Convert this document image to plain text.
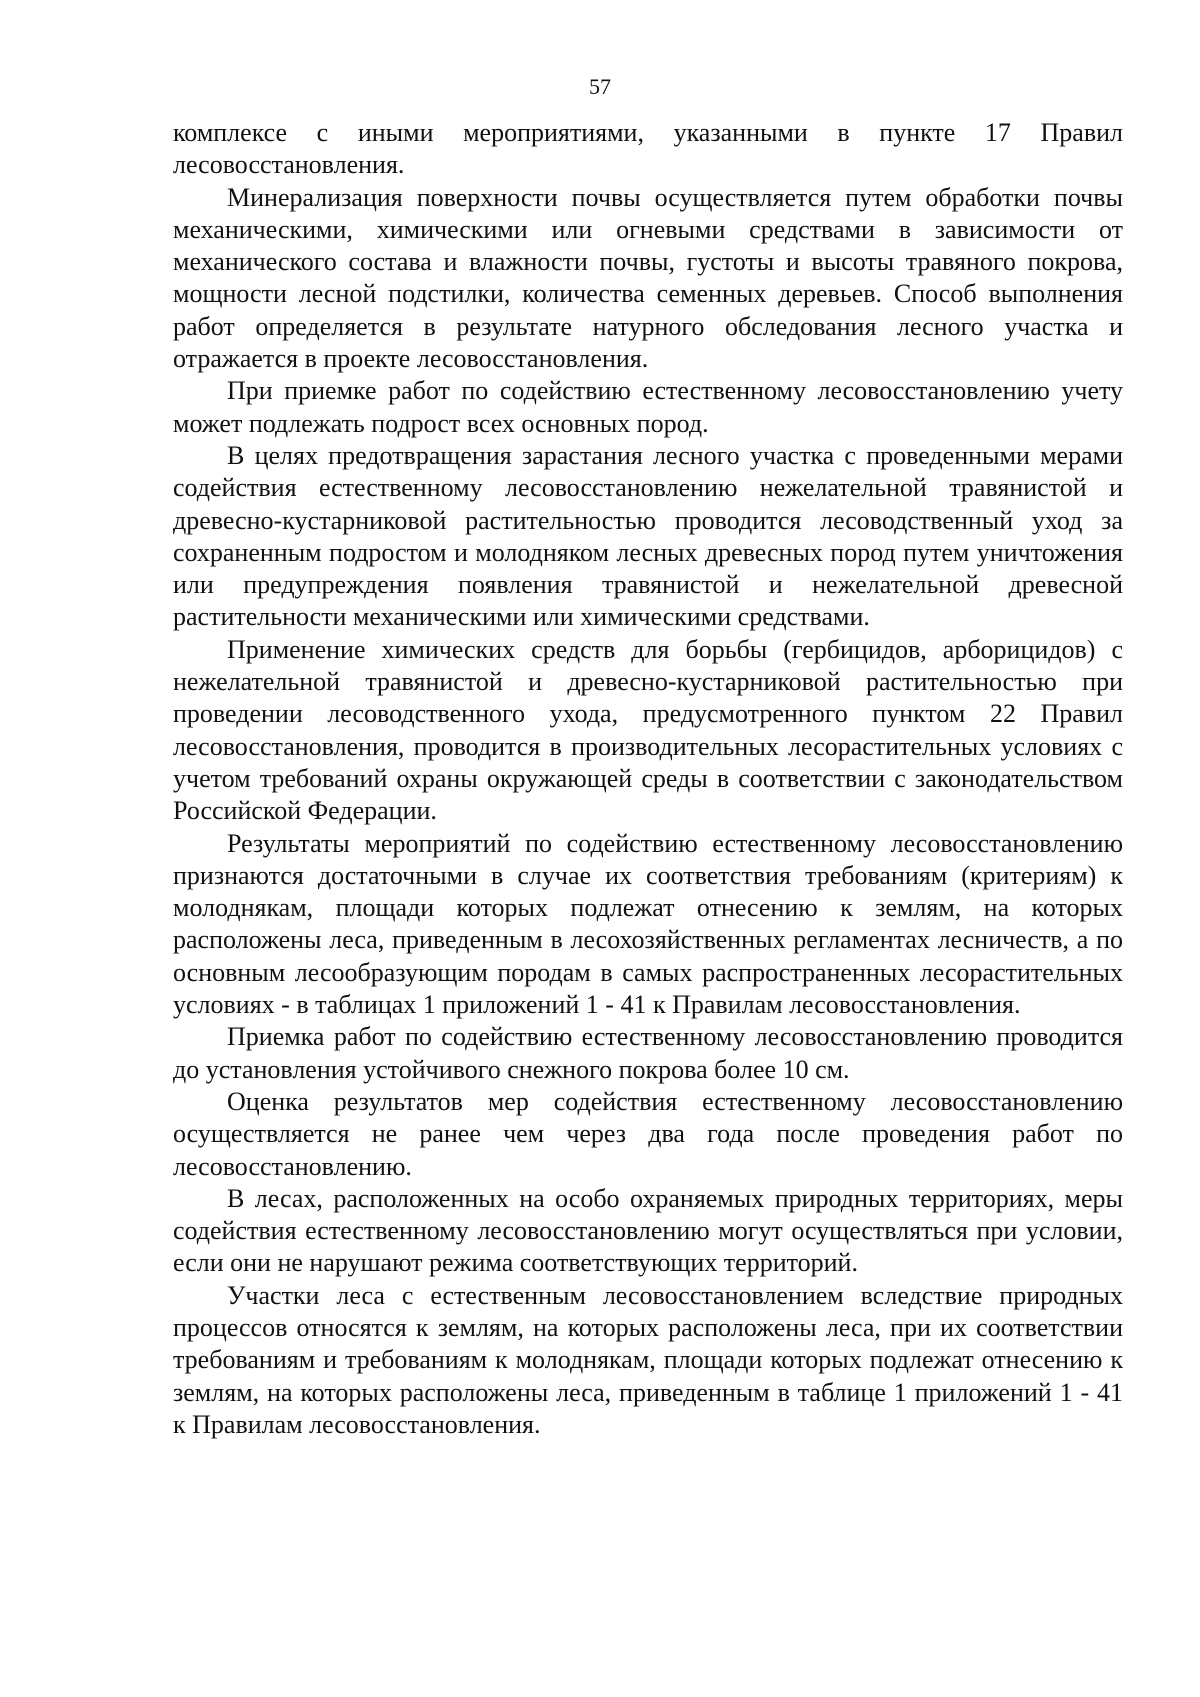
57

комплексе с иными мероприятиями, указанными в пункте 17 Правил лесовосстановления.

Минерализация поверхности почвы осуществляется путем обработки почвы механическими, химическими или огневыми средствами в зависимости от механического состава и влажности почвы, густоты и высоты травяного покрова, мощности лесной подстилки, количества семенных деревьев. Способ выполнения работ определяется в результате натурного обследования лесного участка и отражается в проекте лесовосстановления.

При приемке работ по содействию естественному лесовосстановлению учету может подлежать подрост всех основных пород.

В целях предотвращения зарастания лесного участка с проведенными мерами содействия естественному лесовосстановлению нежелательной травянистой и древесно-кустарниковой растительностью проводится лесоводственный уход за сохраненным подростом и молодняком лесных древесных пород путем уничтожения или предупреждения появления травянистой и нежелательной древесной растительности механическими или химическими средствами.

Применение химических средств для борьбы (гербицидов, арборицидов) с нежелательной травянистой и древесно-кустарниковой растительностью при проведении лесоводственного ухода, предусмотренного пунктом 22 Правил лесовосстановления, проводится в производительных лесорастительных условиях с учетом требований охраны окружающей среды в соответствии с законодательством Российской Федерации.

Результаты мероприятий по содействию естественному лесовосстановлению признаются достаточными в случае их соответствия требованиям (критериям) к молоднякам, площади которых подлежат отнесению к землям, на которых расположены леса, приведенным в лесохозяйственных регламентах лесничеств, а по основным лесообразующим породам в самых распространенных лесорастительных условиях - в таблицах 1 приложений 1 - 41 к Правилам лесовосстановления.

Приемка работ по содействию естественному лесовосстановлению проводится до установления устойчивого снежного покрова более 10 см.

Оценка результатов мер содействия естественному лесовосстановлению осуществляется не ранее чем через два года после проведения работ по лесовосстановлению.

В лесах, расположенных на особо охраняемых природных территориях, меры содействия естественному лесовосстановлению могут осуществляться при условии, если они не нарушают режима соответствующих территорий.

Участки леса с естественным лесовосстановлением вследствие природных процессов относятся к землям, на которых расположены леса, при их соответствии требованиям и требованиям к молоднякам, площади которых подлежат отнесению к землям, на которых расположены леса, приведенным в таблице 1 приложений 1 - 41 к Правилам лесовосстановления.
